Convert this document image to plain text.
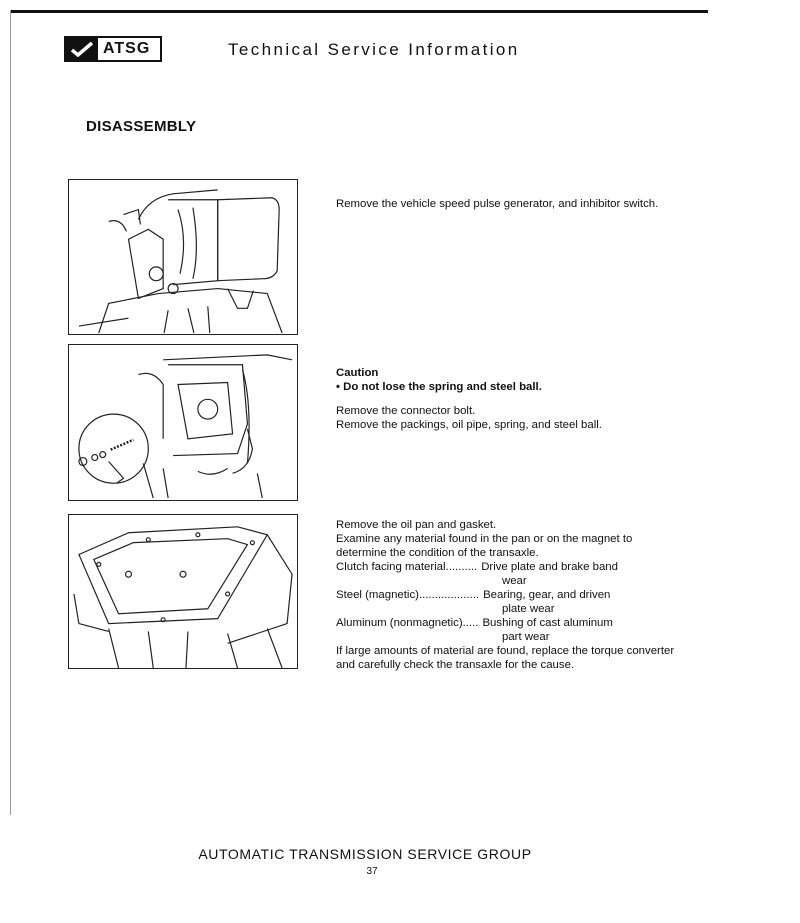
ATSG	Technical Service Information
DISASSEMBLY

Remove the vehicle speed pulse generator, and inhibitor switch.

Caution

• Do not lose the spring and steel ball.

Remove the connector bolt.

Remove the packings, oil pipe, spring, and steel ball.

Remove the oil pan and gasket.

Examine any material found in the pan or on the magnet to determine the condition of the transaxle.

Clutch facing material .......... Drive plate and brake band

wear

Steel (magnetic) ................... Bearing, gear, and driven

plate wear

Aluminum (nonmagnetic) ..... Bushing of cast aluminum

part wear

If large amounts of material are found, replace the torque converter and carefully check the transaxle for the cause.

AUTOMATIC TRANSMISSION SERVICE GROUP
37
